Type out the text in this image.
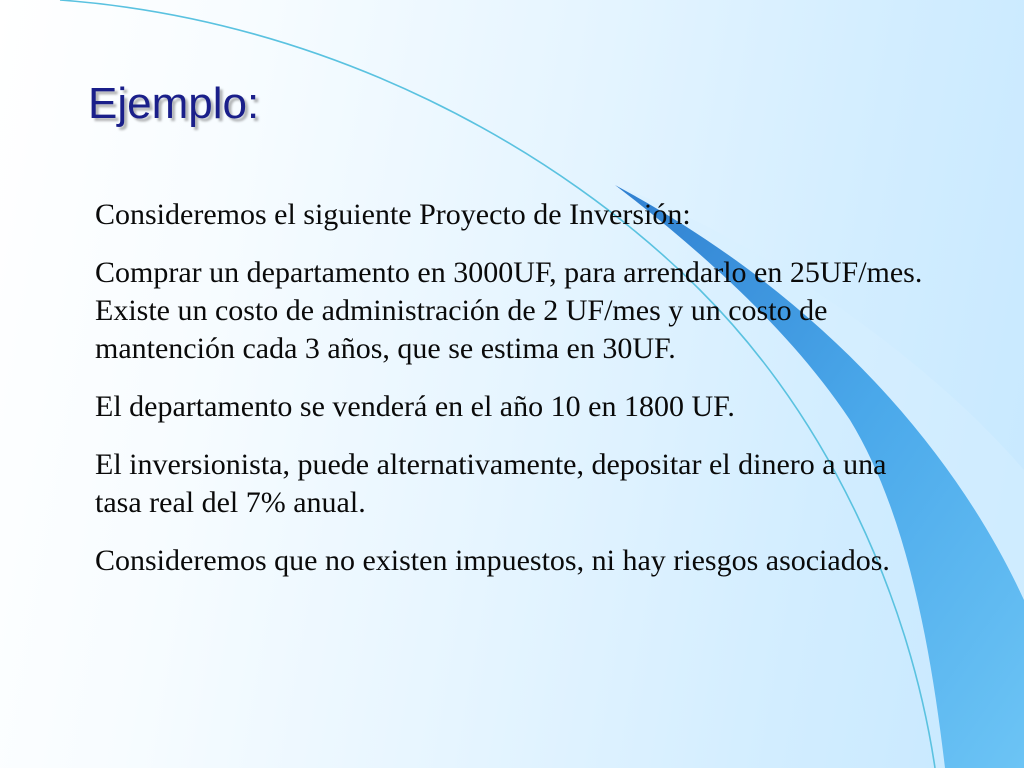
Ejemplo:

Consideremos el siguiente Proyecto de Inversión:

Comprar un departamento en 3000UF, para arrendarlo en 25UF/mes. Existe un costo de administración de 2 UF/mes y un costo de mantención cada 3 años, que se estima en 30UF.

El departamento se venderá en el año 10 en 1800 UF.

El inversionista, puede alternativamente, depositar el dinero a una tasa real del 7% anual.

Consideremos que no existen impuestos, ni hay riesgos asociados.
